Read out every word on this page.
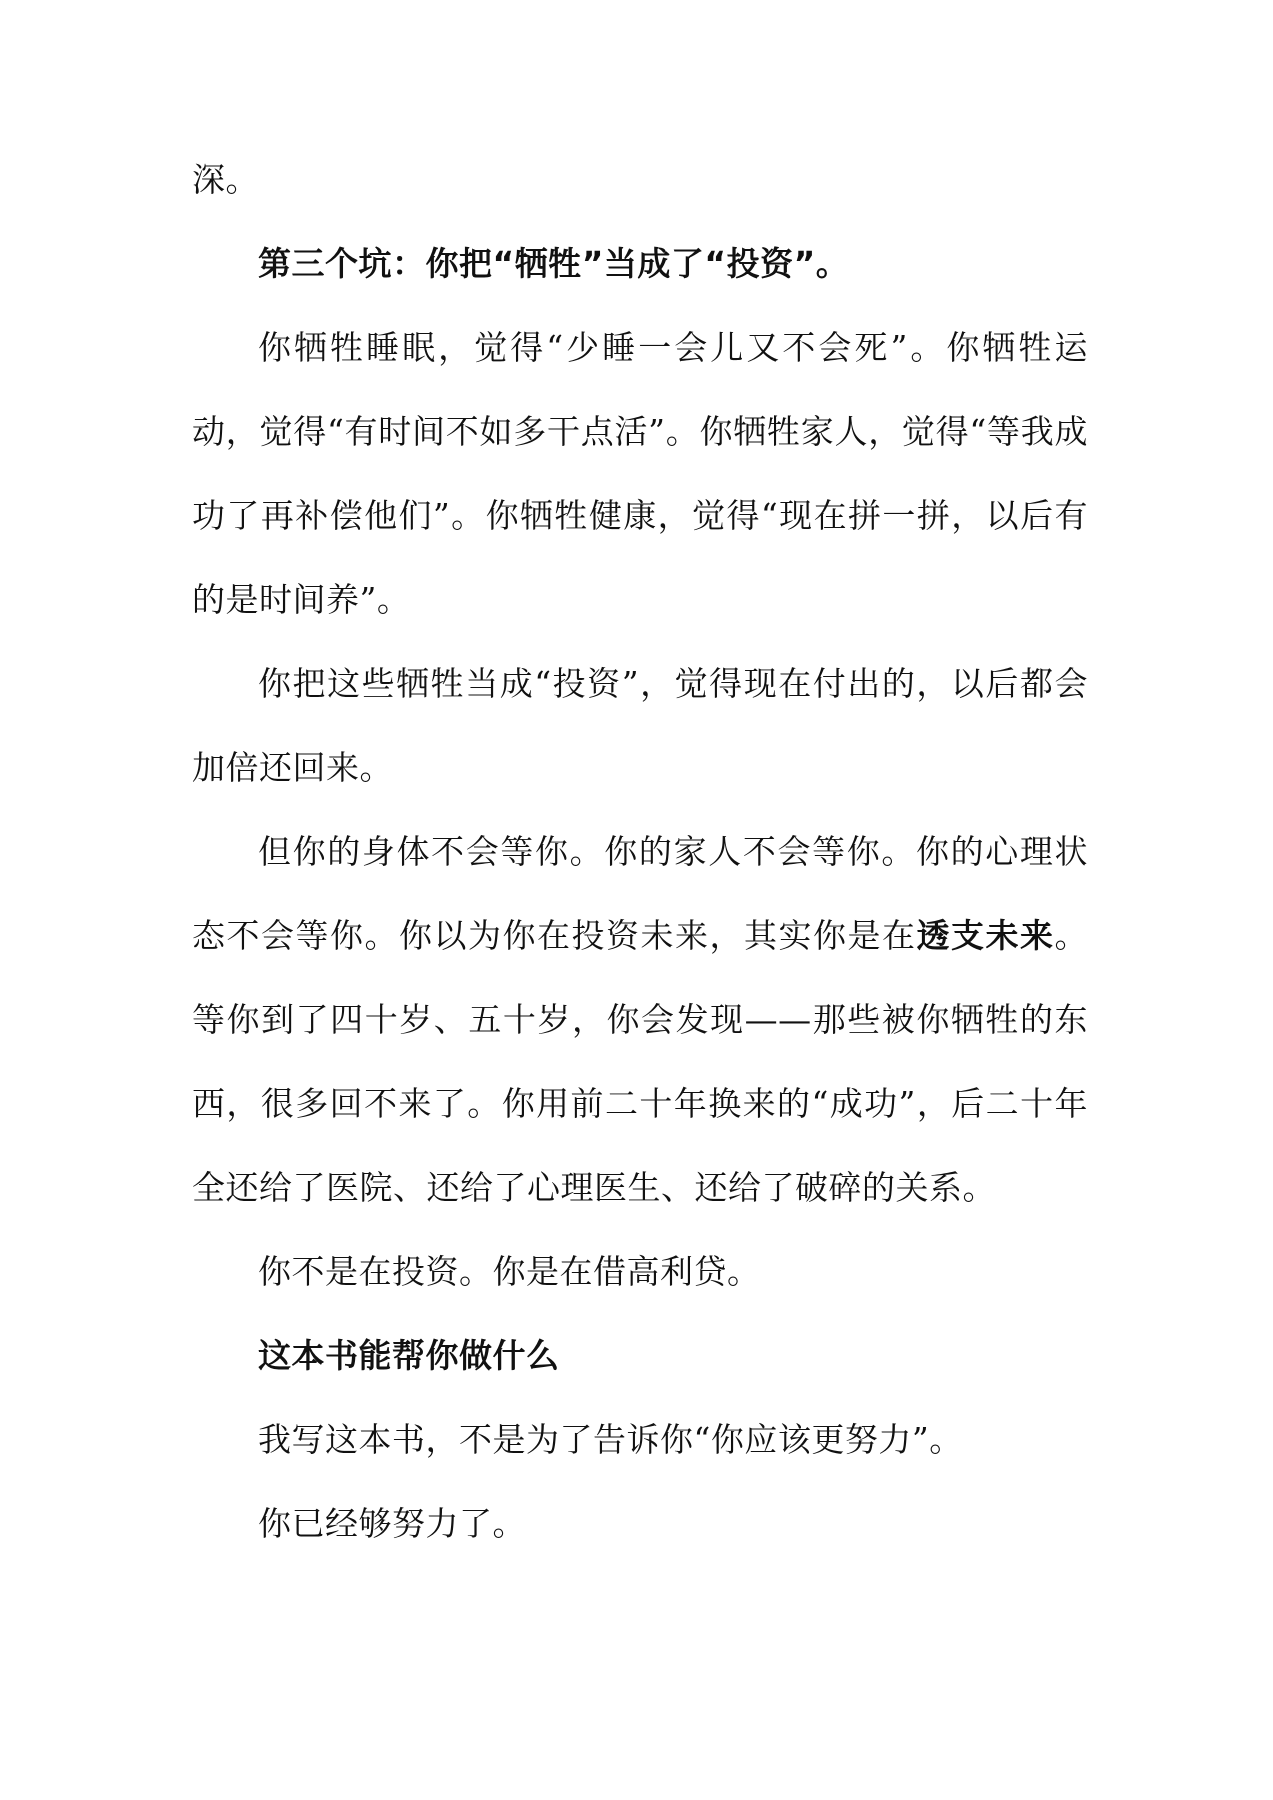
深。

第三个坑：你把“牺牲”当成了“投资”。

你牺牲睡眠，觉得“少睡一会儿又不会死”。你牺牲运动，觉得“有时间不如多干点活”。你牺牲家人，觉得“等我成功了再补偿他们”。你牺牲健康，觉得“现在拼一拼，以后有的是时间养”。

你把这些牺牲当成“投资”，觉得现在付出的，以后都会加倍还回来。

但你的身体不会等你。你的家人不会等你。你的心理状态不会等你。你以为你在投资未来，其实你是在透支未来。等你到了四十岁、五十岁，你会发现——那些被你牺牲的东西，很多回不来了。你用前二十年换来的“成功”，后二十年全还给了医院、还给了心理医生、还给了破碎的关系。

你不是在投资。你是在借高利贷。

这本书能帮你做什么

我写这本书，不是为了告诉你“你应该更努力”。

你已经够努力了。
